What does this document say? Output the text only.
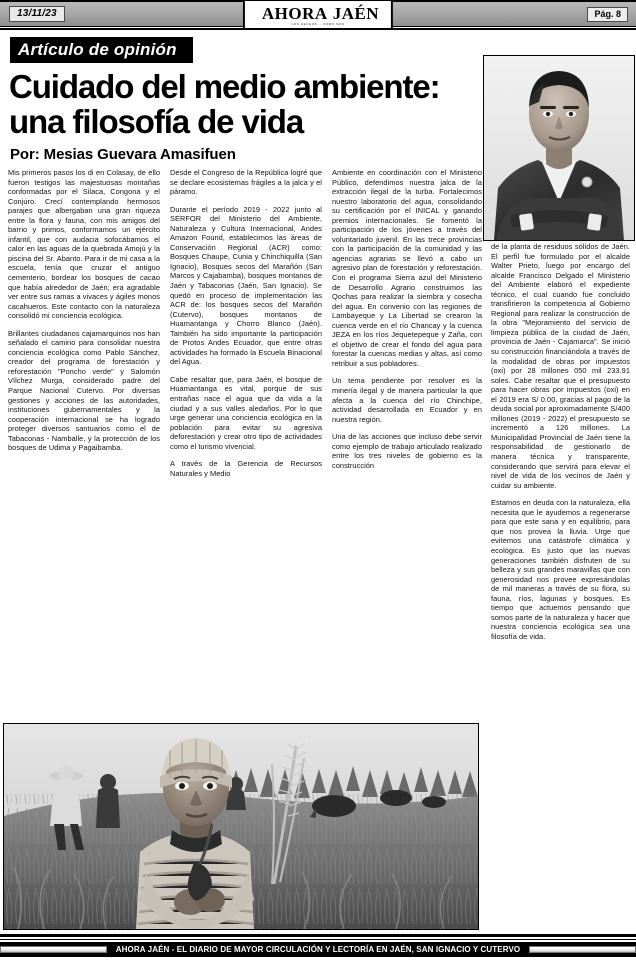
13/11/23	AHORA JAÉN
LOS HECHOS... COMO SON
Pág. 8
Artículo de opinión
Cuidado del medio ambiente:
una filosofía de vida
Por: Mesias Guevara Amasifuen

Mis primeros pasos los di en Colasay, de ello fueron testigos las majestuosas montañas conformadas por el Silaca, Congona y el Conjuro. Crecí contemplando hermosos parajes que albergaban una gran riqueza entre la flora y fauna, con mis amigos del barrio y primos, conformamos un ejército infantil, que con audacia sofocábamos el calor en las aguas de la quebrada Amojú y la piscina del Sr. Abanto. Para ir de mi casa a la escuela, tenía que cruzar el antiguo cementerio, bordear los bosques de cacao que había alrededor de Jaén; era agradable ver entre sus ramas a vivaces y ágiles monos cacahueros. Este contacto con la naturaleza consolidó mi conciencia ecológica.

Brillantes ciudadanos cajamarquinos nos han señalado el camino para consolidar nuestra conciencia ecológica como Pablo Sánchez, creador del programa de forestación y reforestación "Poncho verde" y Salomón Vílchez Murga, considerado padre del Parque Nacional Cutervo. Por diversas gestiones y acciones de las autoridades, instituciones gubernamentales y la cooperación internacional se ha logrado proteger diversos santuarios como el de Tabaconas - Namballe, y la protección de los bosques de Udima y Pagaibamba.

Desde el Congreso de la República logré que se declare ecosistemas frágiles a la jalca y el páramo.

Durante el período 2019 - 2022 junto al SERFOR del Ministerio del Ambiente, Naturaleza y Cultura Internacional, Andes Amazon Found, establecimos las áreas de Conservación Regional (ACR) como: Bosques Chaupe, Cunia y Chinchiquilla (San Ignacio), Bosques secos del Marañón (San Marcos y Cajabamba), bosques montanos de Jaén y Tabaconas (Jaén, San Ignacio). Se quedó en proceso de implementación las ACR de: los bosques secos del Marañón (Cutervo), bosques montanos de Huamantanga y Chorro Blanco (Jaén). También ha sido importante la participación de Protos Andes Ecuador, que entre otras actividades ha formado la Escuela Binacional del Agua.

Cabe resaltar que, para Jaén, el bosque de Huamantanga es vital, porque de sus entrañas nace el agua que da vida a la ciudad y a sus valles aledaños. Por lo que urge generar una conciencia ecológica en la población para evitar su agresiva deforestación y crear otro tipo de actividades como el turismo vivencial.

A través de la Gerencia de Recursos Naturales y Medio

Ambiente en coordinación con el Ministerio Público, defendimos nuestra jalca de la extracción ilegal de la turba. Fortalecimos nuestro laboratorio del agua, consolidando su certificación por el INICAL y ganando premios internacionales. Se fomentó la participación de los jóvenes a través del voluntariado juvenil. En las trece provincias con la participación de la comunidad y las agencias agrarias se llevó a cabo un agresivo plan de forestación y reforestación. Con el programa Sierra azul del Ministerio de Desarrollo Agrario construimos las Qochas para realizar la siembra y cosecha del agua. En convenio con las regiones de Lambayeque y La Libertad se crearon la cuenca verde en el río Chancay y la cuenca JEZA en los ríos Jequetepeque y Zaña, con el objetivo de crear el fondo del agua para forestar la cuencas medias y altas, así como retribuir a sus pobladores.

Un tema pendiente por resolver es la minería ilegal y de manera particular la que afecta a la cuenca del río Chinchipe, actividad desarrollada en Ecuador y en nuestra región.

Una de las acciones que incluso debe servir como ejemplo de trabajo articulado realizado entre los tres niveles de gobierno es la construcción

de la planta de residuos sólidos de Jaén. El perfil fue formulado por el alcalde Walter Prieto, luego por encargo del alcalde Francisco Delgado el Ministerio del Ambiente elaboró el expediente técnico, el cual cuando fue concluido transfirieron la competencia al Gobierno Regional para realizar la construcción de la obra "Mejoramiento del servicio de limpieza pública de la ciudad de Jaén, provincia de Jaén - Cajamarca". Se inició su construcción financiándola a través de la modalidad de obras por impuestos (oxi) por 28 millones 050 mil 233.91 soles. Cabe resaltar que el presupuesto para hacer obras por impuestos (oxi) en el 2019 era S/ 0.00, gracias al pago de la deuda social por aproximadamente S/400 millones (2019 - 2022) el presupuesto se incrementó a 126 millones. La Municipalidad Provincial de Jaén tiene la responsabilidad de gestionarlo de manera técnica y transparente, considerando que servirá para elevar el nivel de vida de los vecinos de Jaén y cuidar su ambiente.

Estamos en deuda con la naturaleza, ella necesita que le ayudemos a regenerarse para que este sana y en equilibrio, para que nos provea la lluvia. Urge que evitemos una catástrofe climática y ecológica. Es justo que las nuevas generaciones también disfruten de su belleza y sus grandes maravillas que con generosidad nos provee expresándolas de mil maneras a través de su flora, su fauna, ríos, lagunas y bosques. Es tiempo que actuemos pensando que somos parte de la naturaleza y hacer que nuestra conciencia ecológica sea una filosofía de vida.

AHORA JAÉN - EL DIARIO DE MAYOR CIRCULACIÓN Y LECTORÍA EN JAÉN, SAN IGNACIO Y CUTERVO
